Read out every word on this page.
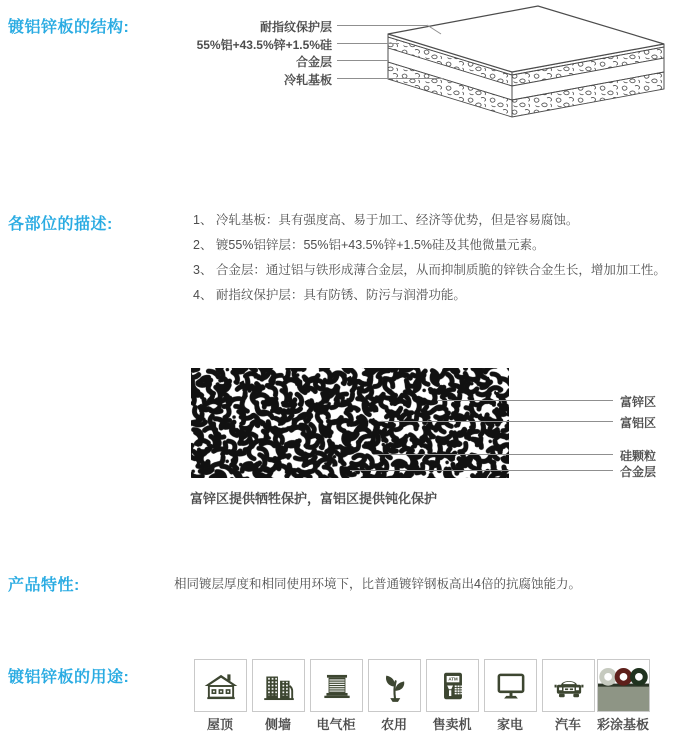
镀铝锌板的结构:	耐指纹保护层
55%铝+43.5%锌+1.5%硅
合金层
冷轧基板
各部位的描述:	1、 冷轧基板：具有强度高、易于加工、经济等优势，但是容易腐蚀。
2、 镀55%铝锌层：55%铝+43.5%锌+1.5%硅及其他微量元素。
3、 合金层：通过铝与铁形成薄合金层，从而抑制质脆的锌铁合金生长，增加加工性。
4、 耐指纹保护层：具有防锈、防污与润滑功能。
富锌区
富铝区
硅颗粒
合金层
富锌区提供牺牲保护，富铝区提供钝化保护
产品特性:	相同镀层厚度和相同使用环境下，比普通镀锌钢板高出4倍的抗腐蚀能力。
镀铝锌板的用途:
屋顶	侧墙	电气柜	农用
ATM
售卖机	家电	汽车	彩涂基板
